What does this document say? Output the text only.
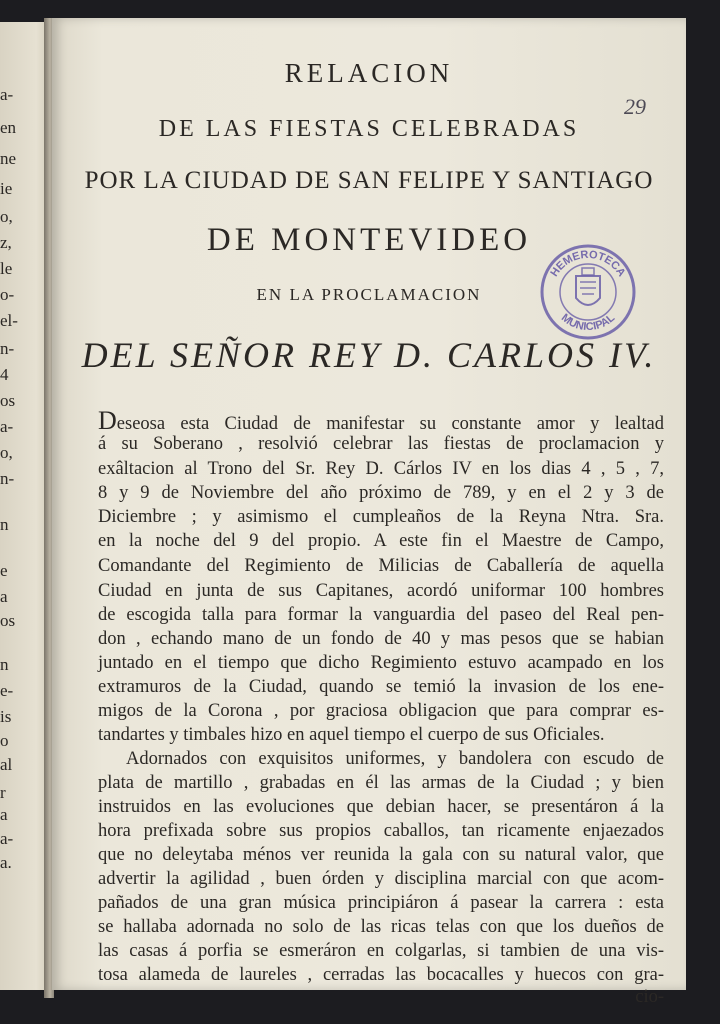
a-
en
ne
ie
o,
z,
le
o-
el-
n-
4
os
a-
o,
n-
n
e
a
os
n
e-
is
o
al
r
a
a-
a.
29
RELACION
DE LAS FIESTAS CELEBRADAS
POR LA CIUDAD DE SAN FELIPE Y SANTIAGO
DE MONTEVIDEO
EN LA PROCLAMACION
DEL SEÑOR REY D. CARLOS IV.
HEMEROTECA
MUNICIPAL
Deseosa esta Ciudad de manifestar su constante amor y lealtad
á su Soberano , resolvió celebrar las fiestas de proclamacion y
exâltacion al Trono del Sr. Rey D. Cárlos IV en los dias 4 , 5 , 7,
8 y 9 de Noviembre del año próximo de 789, y en el 2 y 3 de
Diciembre ; y asimismo el cumpleaños de la Reyna Ntra. Sra.
en la noche del 9 del propio. A este fin el Maestre de Campo,
Comandante del Regimiento de Milicias de Caballería de aquella
Ciudad en junta de sus Capitanes, acordó uniformar 100 hombres
de escogida talla para formar la vanguardia del paseo del Real pen-
don , echando mano de un fondo de 40 y mas pesos que se habian
juntado en el tiempo que dicho Regimiento estuvo acampado en los
extramuros de la Ciudad, quando se temió la invasion de los ene-
migos de la Corona , por graciosa obligacion que para comprar es-
tandartes y timbales hizo en aquel tiempo el cuerpo de sus Oficiales.
Adornados con exquisitos uniformes, y bandolera con escudo de
plata de martillo , grabadas en él las armas de la Ciudad ; y bien
instruidos en las evoluciones que debian hacer, se presentáron á la
hora prefixada sobre sus propios caballos, tan ricamente enjaezados
que no deleytaba ménos ver reunida la gala con su natural valor, que
advertir la agilidad , buen órden y disciplina marcial con que acom-
pañados de una gran música principiáron á pasear la carrera : esta
se hallaba adornada no solo de las ricas telas con que los dueños de
las casas á porfia se esmeráron en colgarlas, si tambien de una vis-
tosa alameda de laureles , cerradas las bocacalles y huecos con gra-
cio-
